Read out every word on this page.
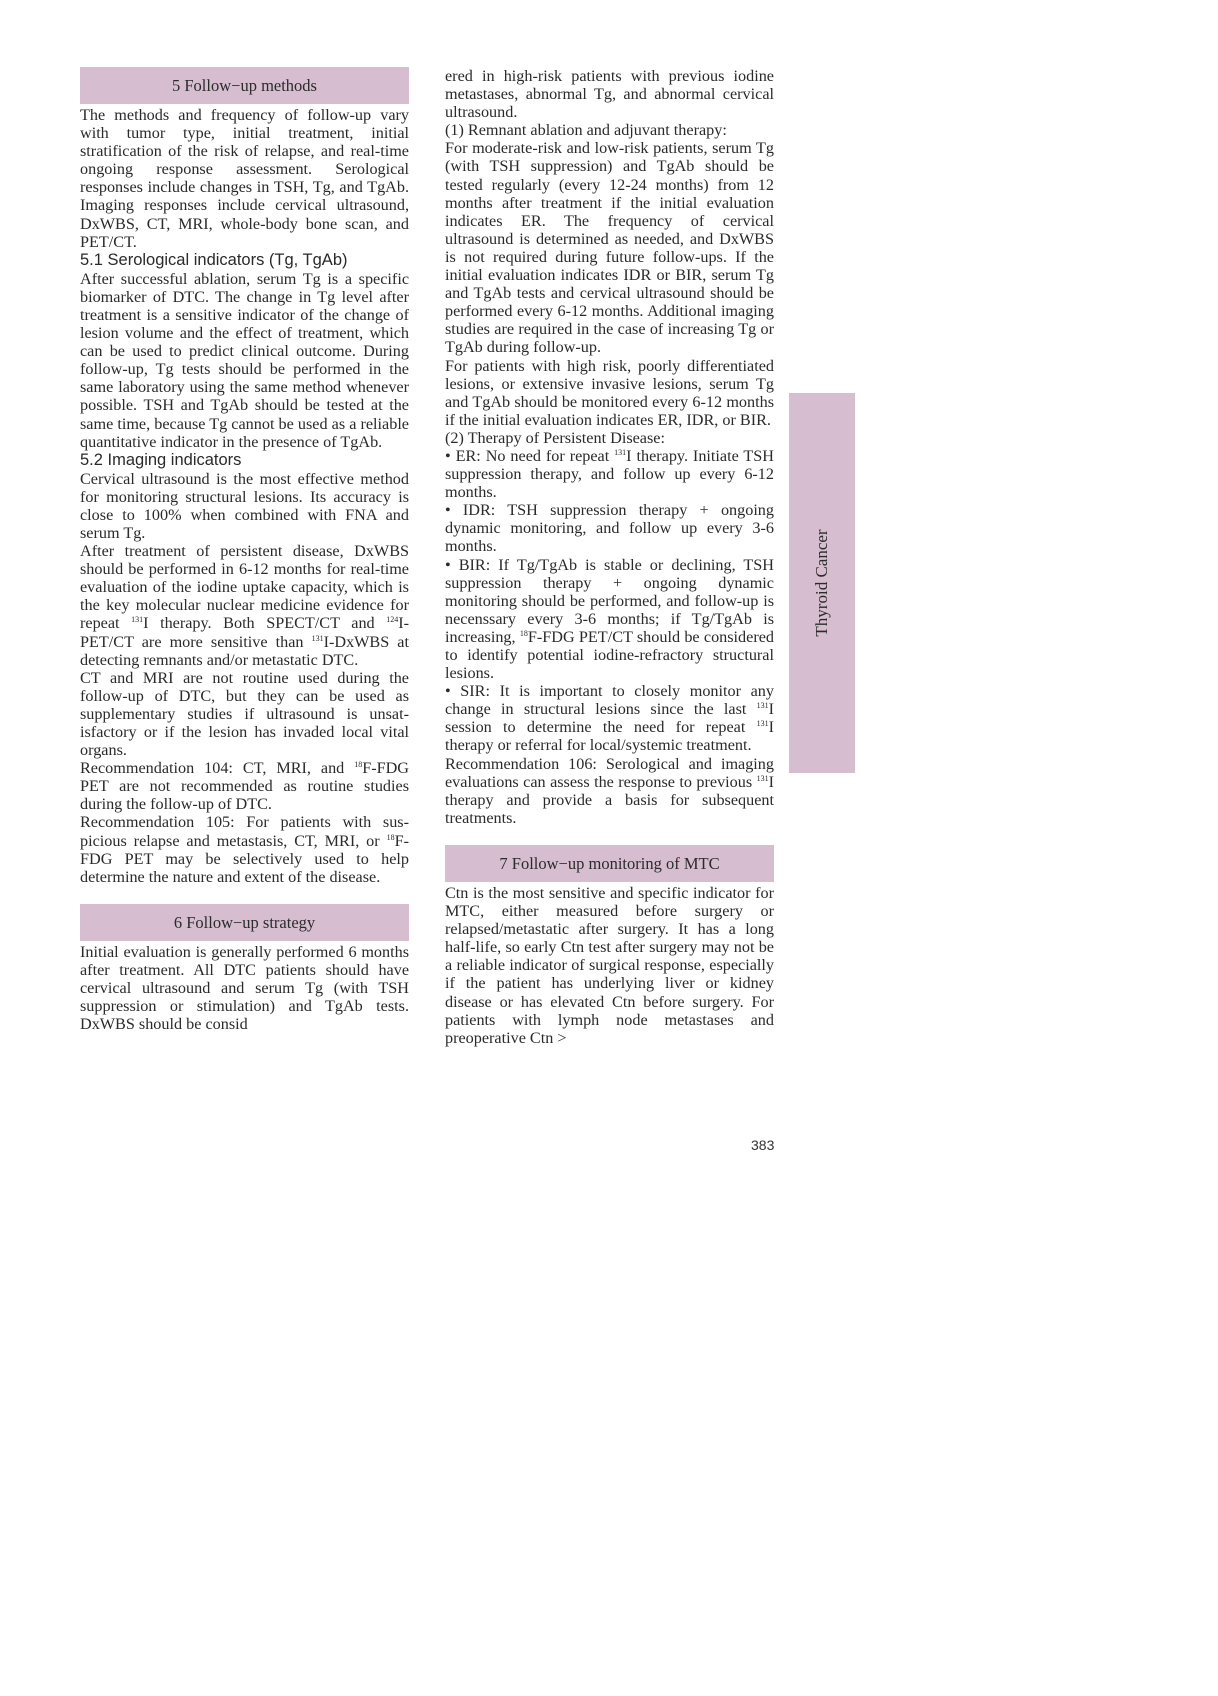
5 Follow−up methods

The methods and frequency of follow-up vary with tumor type, initial treatment, initial stratification of the risk of relapse, and real-time ongoing response assessment. Serological responses include changes in TSH, Tg, and TgAb. Imaging responses include cervical ultrasound, DxWBS, CT, MRI, whole-body bone scan, and PET/CT.

5.1 Serological indicators (Tg, TgAb)

After successful ablation, serum Tg is a specific biomarker of DTC. The change in Tg level after treatment is a sensitive indicator of the change of lesion volume and the effect of treatment, which can be used to predict clinical outcome. During follow-up, Tg tests should be performed in the same laboratory using the same method whenever possible. TSH and TgAb should be tested at the same time, because Tg cannot be used as a reliable quantitative indicator in the presence of TgAb.

5.2 Imaging indicators

Cervical ultrasound is the most effective method for monitoring structural lesions. Its accuracy is close to 100% when combined with FNA and serum Tg.

After treatment of persistent disease, DxWBS should be performed in 6-12 months for real-time evaluation of the iodine uptake capacity, which is the key molecular nuclear medicine evidence for repeat $^{131}$I therapy. Both SPECT/CT and $^{124}$I-PET/CT are more sensitive than $^{131}$I-DxWBS at detecting remnants and/or metastatic DTC.

CT and MRI are not routine used during the follow-up of DTC, but they can be used as supplementary studies if ultrasound is unsatisfactory or if the lesion has invaded local vital organs.

Recommendation 104: CT, MRI, and $^{18}$F-FDG PET are not recommended as routine studies during the follow-up of DTC.

Recommendation 105: For patients with suspicious relapse and metastasis, CT, MRI, or $^{18}$F-FDG PET may be selectively used to help determine the nature and extent of the disease.

6 Follow−up strategy

Initial evaluation is generally performed 6 months after treatment. All DTC patients should have cervical ultrasound and serum Tg (with TSH suppression or stimulation) and TgAb tests. DxWBS should be consid

ered in high-risk patients with previous iodine metastases, abnormal Tg, and abnormal cervical ultrasound.

(1) Remnant ablation and adjuvant therapy:

For moderate-risk and low-risk patients, serum Tg (with TSH suppression) and TgAb should be tested regularly (every 12-24 months) from 12 months after treatment if the initial evaluation indicates ER. The frequency of cervical ultrasound is determined as needed, and DxWBS is not required during future follow-ups. If the initial evaluation indicates IDR or BIR, serum Tg and TgAb tests and cervical ultrasound should be performed every 6-12 months. Additional imaging studies are required in the case of increasing Tg or TgAb during follow-up.

For patients with high risk, poorly differentiated lesions, or extensive invasive lesions, serum Tg and TgAb should be monitored every 6-12 months if the initial evaluation indicates ER, IDR, or BIR.

(2) Therapy of Persistent Disease:

• ER: No need for repeat $^{131}$I therapy. Initiate TSH suppression therapy, and follow up every 6-12 months.

• IDR: TSH suppression therapy + ongoing dynamic monitoring, and follow up every 3-6 months.

• BIR: If Tg/TgAb is stable or declining, TSH suppression therapy + ongoing dynamic monitoring should be performed, and follow-up is necenssary every 3-6 months; if Tg/TgAb is increasing, $^{18}$F-FDG PET/CT should be considered to identify potential iodine-refractory structural lesions.

• SIR: It is important to closely monitor any change in structural lesions since the last $^{131}$I session to determine the need for repeat $^{131}$I therapy or referral for local/systemic treatment.

Recommendation 106: Serological and imaging evaluations can assess the response to previous $^{131}$I therapy and provide a basis for subsequent treatments.

7 Follow−up monitoring of MTC

Ctn is the most sensitive and specific indicator for MTC, either measured before surgery or relapsed/metastatic after surgery. It has a long half-life, so early Ctn test after surgery may not be a reliable indicator of surgical response, especially if the patient has underlying liver or kidney disease or has elevated Ctn before surgery. For patients with lymph node metastases and preoperative Ctn >

Thyroid Cancer
383
